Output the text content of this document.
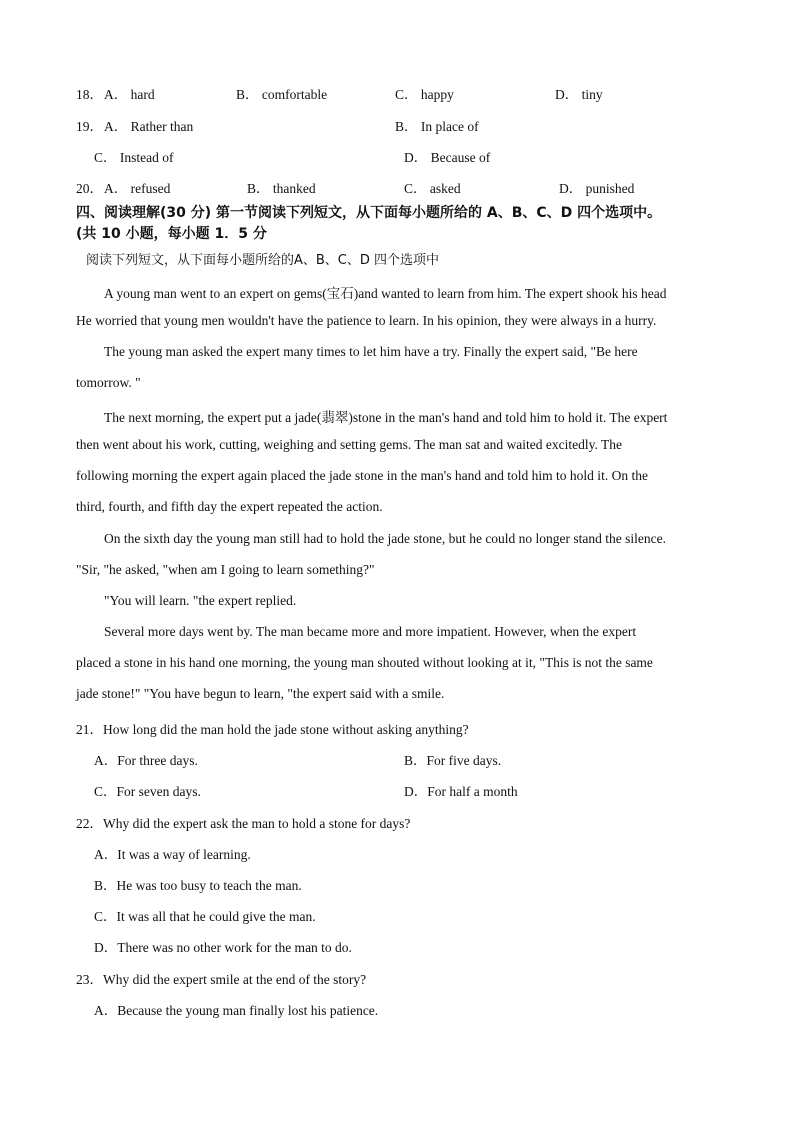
18． A． hard	B． comfortable	C． happy	D． tiny
19． A． Rather than	B． In place of
C． Instead of	D． Because of
20． A． refused	B． thanked	C． asked	D． punished
四、阅读理解(30 分) 第一节阅读下列短文，从下面每小题所给的 A、B、C、D 四个选项中。
(共 10 小题，每小题 1．5 分
阅读下列短文，从下面每小题所给的A、B、C、D 四个选项中
A young man went to an expert on gems(宝石)and wanted to learn from him. The expert shook his head
He worried that young men wouldn't have the patience to learn. In his opinion, they were always in a hurry.
The young man asked the expert many times to let him have a try. Finally the expert said, "Be here
tomorrow. "
The next morning, the expert put a jade(翡翠)stone in the man's hand and told him to hold it. The expert
then went about his work, cutting, weighing and setting gems. The man sat and waited excitedly. The
following morning the expert again placed the jade stone in the man's hand and told him to hold it. On the
third, fourth, and fifth day the expert repeated the action.
On the sixth day the young man still had to hold the jade stone, but he could no longer stand the silence.
"Sir, "he asked, "when am I going to learn something?"
"You will learn. "the expert replied.
Several more days went by. The man became more and more impatient. However, when the expert
placed a stone in his hand one morning, the young man shouted without looking at it, "This is not the same
jade stone!" "You have begun to learn, "the expert said with a smile.
21．How long did the man hold the jade stone without asking anything?
A．For three days.	B．For five days.
C．For seven days.	D．For half a month
22．Why did the expert ask the man to hold a stone for days?
A．It was a way of learning.
B．He was too busy to teach the man.
C．It was all that he could give the man.
D．There was no other work for the man to do.
23．Why did the expert smile at the end of the story?
A．Because the young man finally lost his patience.
